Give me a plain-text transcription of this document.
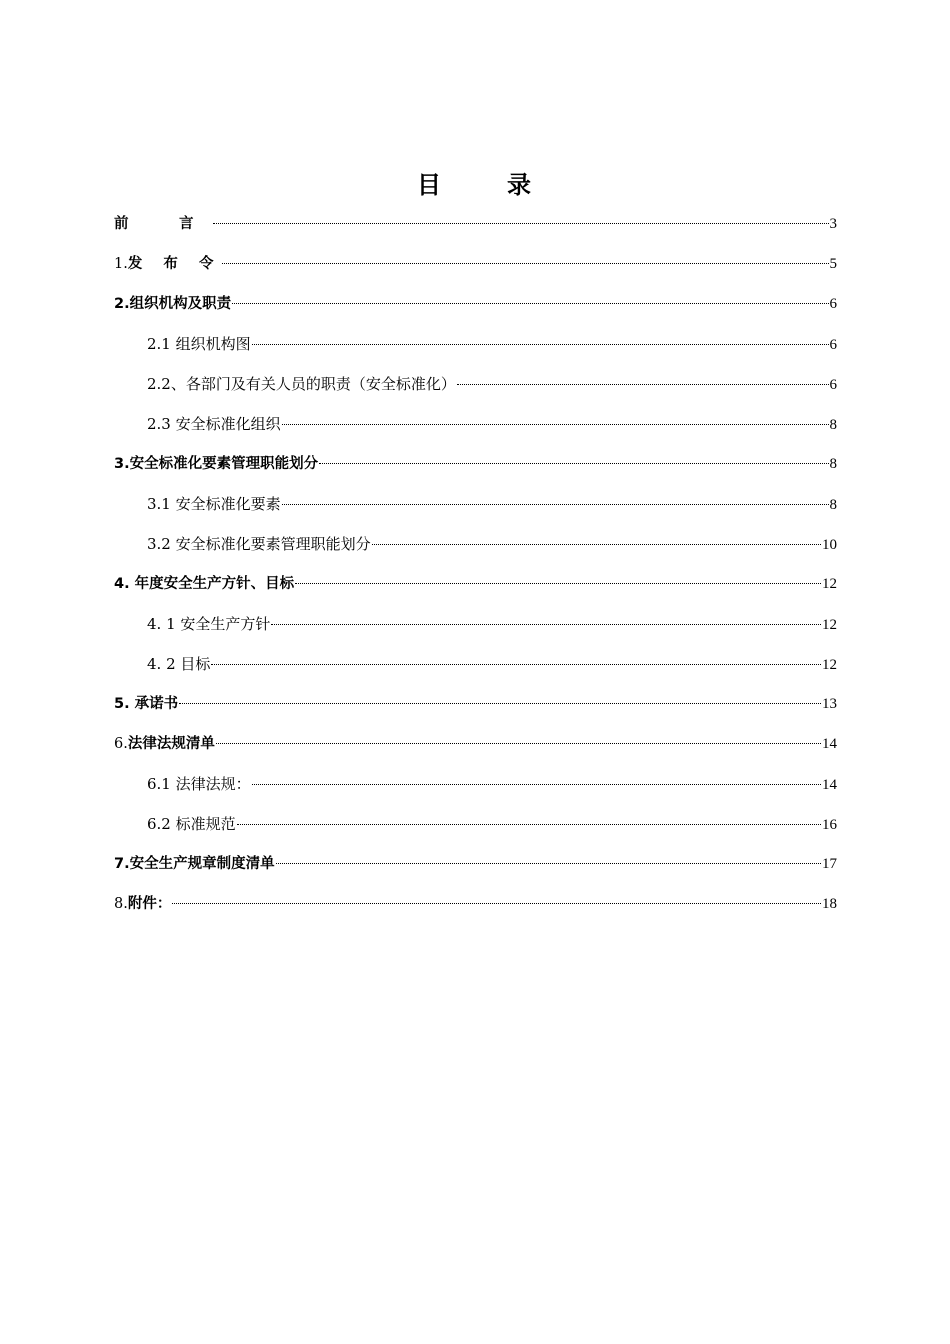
目	录
前　言	3
1.发 布 令	5
2.组织机构及职责	6
2.1 组织机构图	6
2.2、各部门及有关人员的职责（安全标准化）	6
2.3 安全标准化组织	8
3.安全标准化要素管理职能划分	8
3.1 安全标准化要素	8
3.2 安全标准化要素管理职能划分	10
4. 年度安全生产方针、目标	12
4. 1 安全生产方针	12
4. 2 目标	12
5. 承诺书	13
6.法律法规清单	14
6.1 法律法规：	14
6.2 标准规范	16
7.安全生产规章制度清单	17
8.附件：	18
